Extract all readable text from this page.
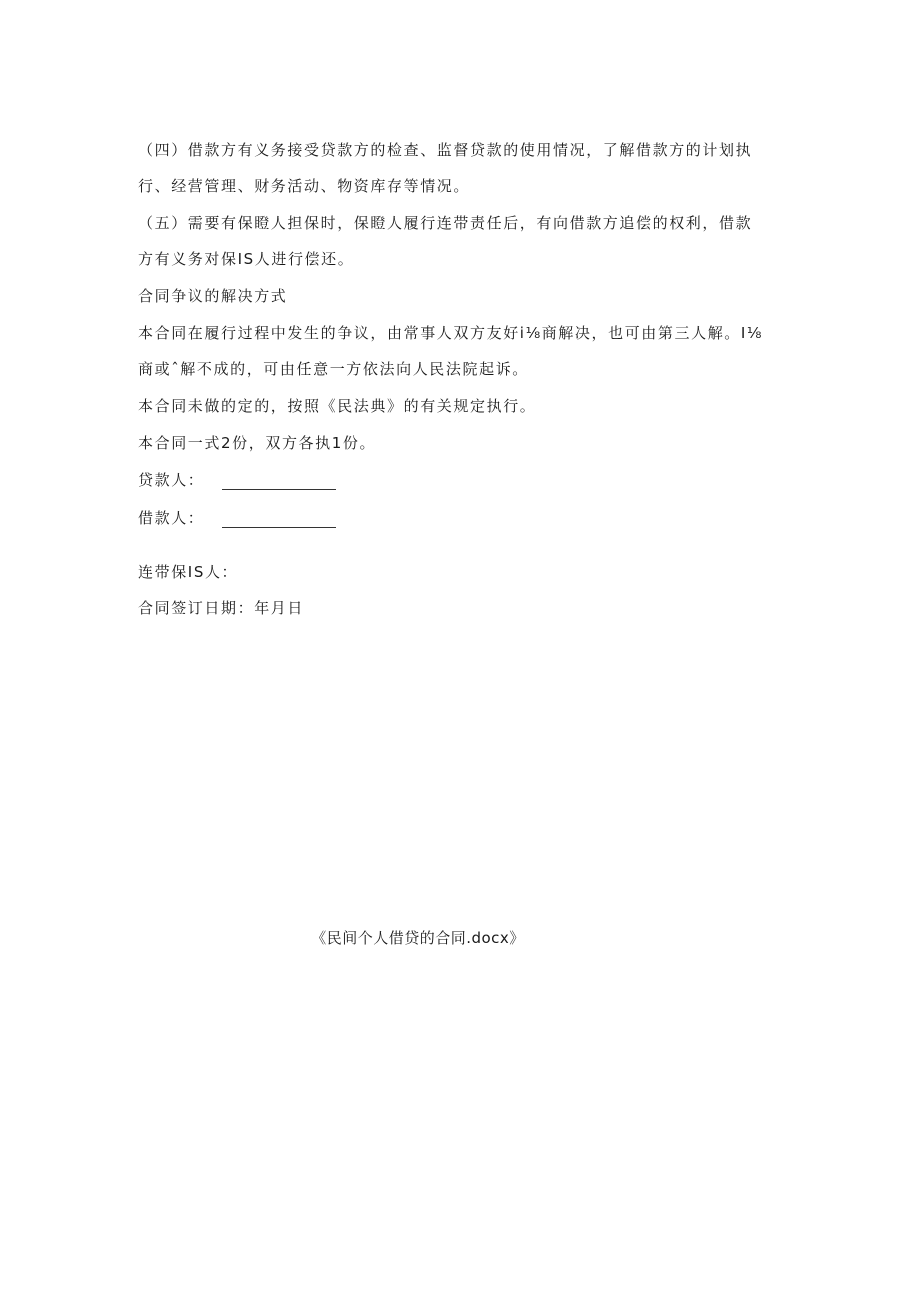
（四）借款方有义务接受贷款方的检查、监督贷款的使用情况，了解借款方的计划执
行、经营管理、财务活动、物资库存等情况。
（五）需要有保瞪人担保时，保瞪人履行连带责任后，有向借款方追偿的权利，借款
方有义务对保IS人进行偿还。
合同争议的解决方式
本合同在履行过程中发生的争议，由常事人双方友好i⅛商解决，也可由第三人解。I⅛
商或ˆ解不成的，可由任意一方依法向人民法院起诉。
本合同未做的定的，按照《民法典》的有关规定执行。
本合同一式2份，双方各执1份。
贷款人：
借款人：
连带保IS人：
合同签订日期：年月日
《民间个人借贷的合同.docx》
